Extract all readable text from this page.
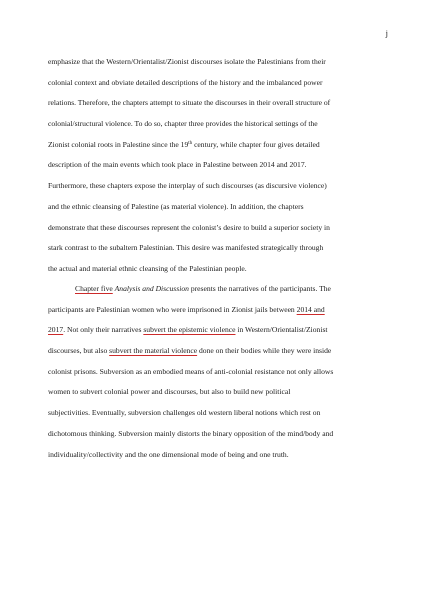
j
emphasize that the Western/Orientalist/Zionist discourses isolate the Palestinians from their
colonial context and obviate detailed descriptions of the history and the imbalanced power
relations. Therefore, the chapters attempt to situate the discourses in their overall structure of
colonial/structural violence. To do so, chapter three provides the historical settings of the
Zionist colonial roots in Palestine since the 19th century, while chapter four gives detailed
description of the main events which took place in Palestine between 2014 and 2017.
Furthermore, these chapters expose the interplay of such discourses (as discursive violence)
and the ethnic cleansing of Palestine (as material violence). In addition, the chapters
demonstrate that these discourses represent the colonist’s desire to build a superior society in
stark contrast to the subaltern Palestinian. This desire was manifested strategically through
the actual and material ethnic cleansing of the Palestinian people.
Chapter five Analysis and Discussion presents the narratives of the participants. The
participants are Palestinian women who were imprisoned in Zionist jails between 2014 and
2017. Not only their narratives subvert the epistemic violence in Western/Orientalist/Zionist
discourses, but also subvert the material violence done on their bodies while they were inside
colonist prisons. Subversion as an embodied means of anti-colonial resistance not only allows
women to subvert colonial power and discourses, but also to build new political
subjectivities. Eventually, subversion challenges old western liberal notions which rest on
dichotomous thinking. Subversion mainly distorts the binary opposition of the mind/body and
individuality/collectivity and the one dimensional mode of being and one truth.
